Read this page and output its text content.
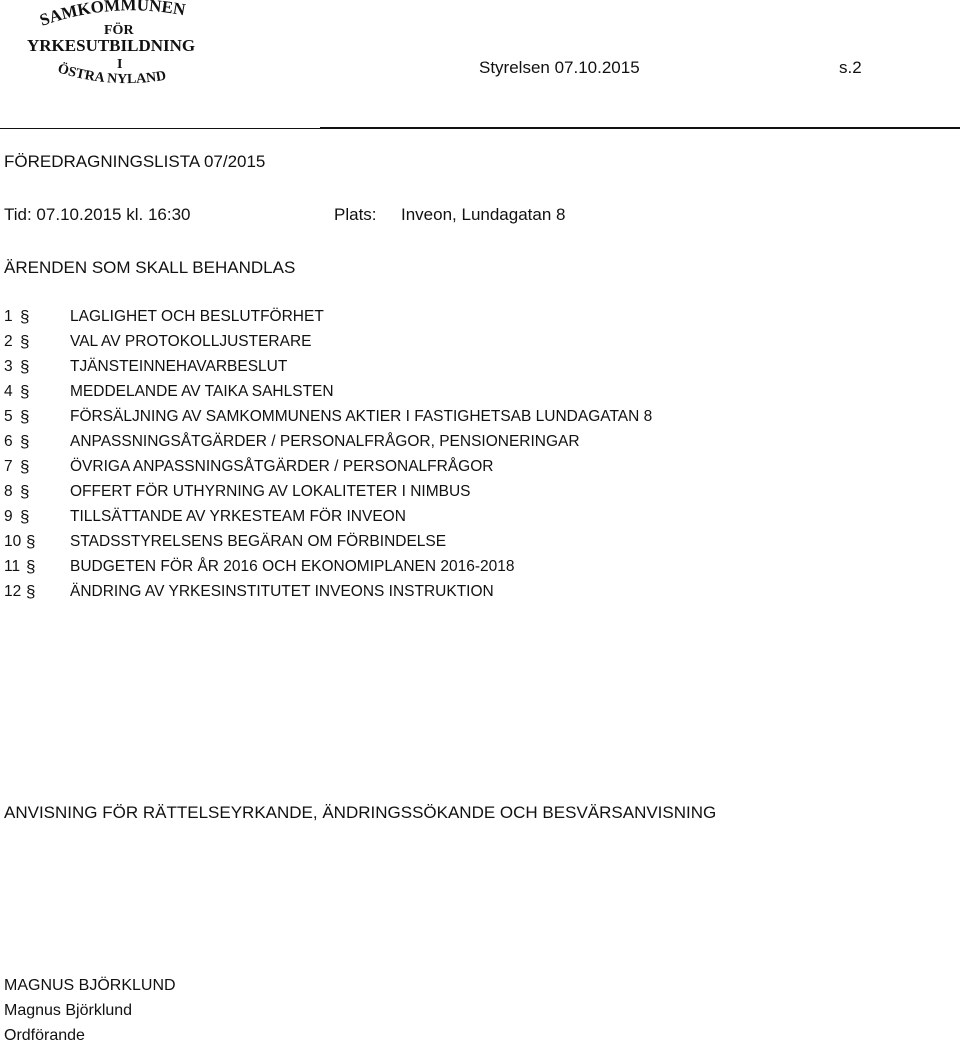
SAMKOMMUNEN
FÖR
YRKESUTBILDNING
I
ÖSTRA NYLAND	Styrelsen 07.10.2015	s.2
FÖREDRAGNINGSLISTA 07/2015
Tid: 07.10.2015 kl. 16:30	Plats: Inveon, Lundagatan 8
ÄRENDEN SOM SKALL BEHANDLAS
1 §	LAGLIGHET OCH BESLUTFÖRHET
2 §	VAL AV PROTOKOLLJUSTERARE
3 §	TJÄNSTEINNEHAVARBESLUT
4 §	MEDDELANDE AV TAIKA SAHLSTEN
5 §	FÖRSÄLJNING AV SAMKOMMUNENS AKTIER I FASTIGHETSAB LUNDAGATAN 8
6 §	ANPASSNINGSÅTGÄRDER / PERSONALFRÅGOR, PENSIONERINGAR
7 §	ÖVRIGA ANPASSNINGSÅTGÄRDER / PERSONALFRÅGOR
8 §	OFFERT FÖR UTHYRNING AV LOKALITETER I NIMBUS
9 §	TILLSÄTTANDE AV YRKESTEAM FÖR INVEON
10 § STADSSTYRELSENS BEGÄRAN OM FÖRBINDELSE
11 § BUDGETEN FÖR ÅR 2016 OCH EKONOMIPLANEN 2016-2018
12 § ÄNDRING AV YRKESINSTITUTET INVEONS INSTRUKTION
ANVISNING FÖR RÄTTELSEYRKANDE, ÄNDRINGSSÖKANDE OCH BESVÄRSANVISNING
MAGNUS BJÖRKLUND
Magnus Björklund
Ordförande
